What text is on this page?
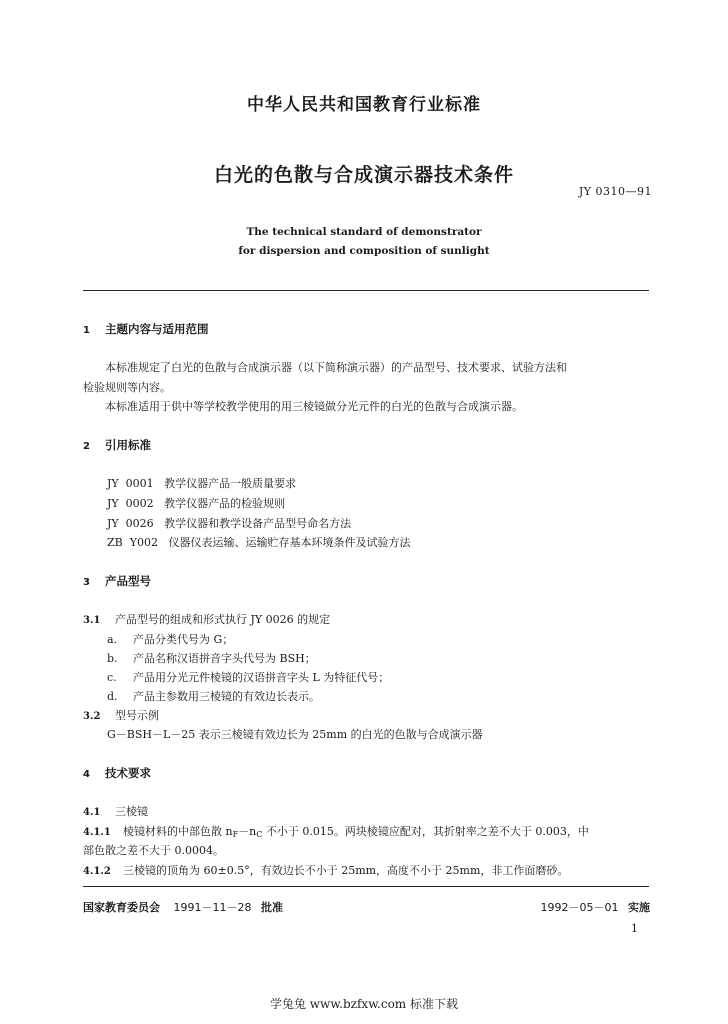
中华人民共和国教育行业标准
白光的色散与合成演示器技术条件
JY 0310—91
The technical standard of demonstrator
for dispersion and composition of sunlight
1 主题内容与适用范围
本标准规定了白光的色散与合成演示器（以下简称演示器）的产品型号、技术要求、试验方法和
检验规则等内容。
本标准适用于供中等学校教学使用的用三棱镜做分光元件的白光的色散与合成演示器。
2 引用标准
JY  0001   教学仪器产品一般质量要求
JY  0002   教学仪器产品的检验规则
JY  0026   教学仪器和教学设备产品型号命名方法
ZB  Y002   仪器仪表运输、运输贮存基本环境条件及试验方法
3 产品型号
3.1 产品型号的组成和形式执行 JY 0026 的规定
a. 产品分类代号为 G；
b. 产品名称汉语拼音字头代号为 BSH；
c. 产品用分光元件棱镜的汉语拼音字头 L 为特征代号；
d. 产品主参数用三棱镜的有效边长表示。
3.2 型号示例
G－BSH－L－25 表示三棱镜有效边长为 25mm 的白光的色散与合成演示器
4 技术要求
4.1 三棱镜
4.1.1 棱镜材料的中部色散 $n_F-n_C$ 不小于 0.015。两块棱镜应配对，其折射率之差不大于 0.003，中
部色散之差不大于 0.0004。
4.1.2 三棱镜的顶角为 60±0.5°，有效边长不小于 25mm，高度不小于 25mm，非工作面磨砂。
国家教育委员会 1991－11－28 批准	1992－05－01 实施
1
学兔兔 www.bzfxw.com 标准下载
